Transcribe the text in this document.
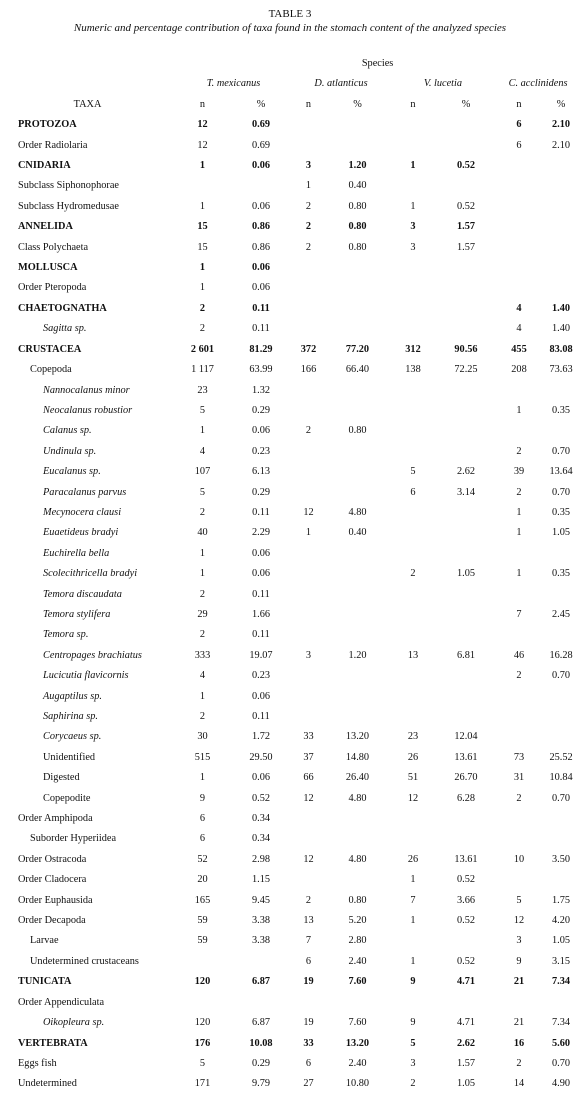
TABLE 3
Numeric and percentage contribution of taxa found in the stomach content of the analyzed species
	Species							
	T. mexicanus		D. atlanticus		V. lucetia		C. acclinidens	
TAXA	n	%	n	%	n	%	n	%
PROTOZOA	12	0.69					6	2.10
Order Radiolaria	12	0.69					6	2.10
CNIDARIA	1	0.06	3	1.20	1	0.52		
Subclass Siphonophorae			1	0.40				
Subclass Hydromedusae	1	0.06	2	0.80	1	0.52		
ANNELIDA	15	0.86	2	0.80	3	1.57		
Class Polychaeta	15	0.86	2	0.80	3	1.57		
MOLLUSCA	1	0.06						
Order Pteropoda	1	0.06						
CHAETOGNATHA	2	0.11					4	1.40
Sagitta sp.	2	0.11					4	1.40
CRUSTACEA	2 601	81.29	372	77.20	312	90.56	455	83.08
Copepoda	1 117	63.99	166	66.40	138	72.25	208	73.63
Nannocalanus minor	23	1.32						
Neocalanus robustior	5	0.29					1	0.35
Calanus sp.	1	0.06	2	0.80				
Undinula sp.	4	0.23					2	0.70
Eucalanus sp.	107	6.13			5	2.62	39	13.64
Paracalanus parvus	5	0.29			6	3.14	2	0.70
Mecynocera clausi	2	0.11	12	4.80			1	0.35
Euaetideus bradyi	40	2.29	1	0.40			1	1.05
Euchirella bella	1	0.06						
Scolecithricella bradyi	1	0.06			2	1.05	1	0.35
Temora discaudata	2	0.11						
Temora stylifera	29	1.66					7	2.45
Temora sp.	2	0.11						
Centropages brachiatus	333	19.07	3	1.20	13	6.81	46	16.28
Lucicutia flavicornis	4	0.23					2	0.70
Augaptilus sp.	1	0.06						
Saphirina sp.	2	0.11						
Corycaeus sp.	30	1.72	33	13.20	23	12.04		
Unidentified	515	29.50	37	14.80	26	13.61	73	25.52
Digested	1	0.06	66	26.40	51	26.70	31	10.84
Copepodite	9	0.52	12	4.80	12	6.28	2	0.70
Order Amphipoda	6	0.34						
Suborder Hyperiidea	6	0.34						
Order Ostracoda	52	2.98	12	4.80	26	13.61	10	3.50
Order Cladocera	20	1.15			1	0.52		
Order Euphausida	165	9.45	2	0.80	7	3.66	5	1.75
Order Decapoda	59	3.38	13	5.20	1	0.52	12	4.20
Larvae	59	3.38	7	2.80			3	1.05
Undetermined crustaceans			6	2.40	1	0.52	9	3.15
TUNICATA	120	6.87	19	7.60	9	4.71	21	7.34
Order Appendiculata								
Oikopleura sp.	120	6.87	19	7.60	9	4.71	21	7.34
VERTEBRATA	176	10.08	33	13.20	5	2.62	16	5.60
Eggs fish	5	0.29	6	2.40	3	1.57	2	0.70
Undetermined	171	9.79	27	10.80	2	1.05	14	4.90
